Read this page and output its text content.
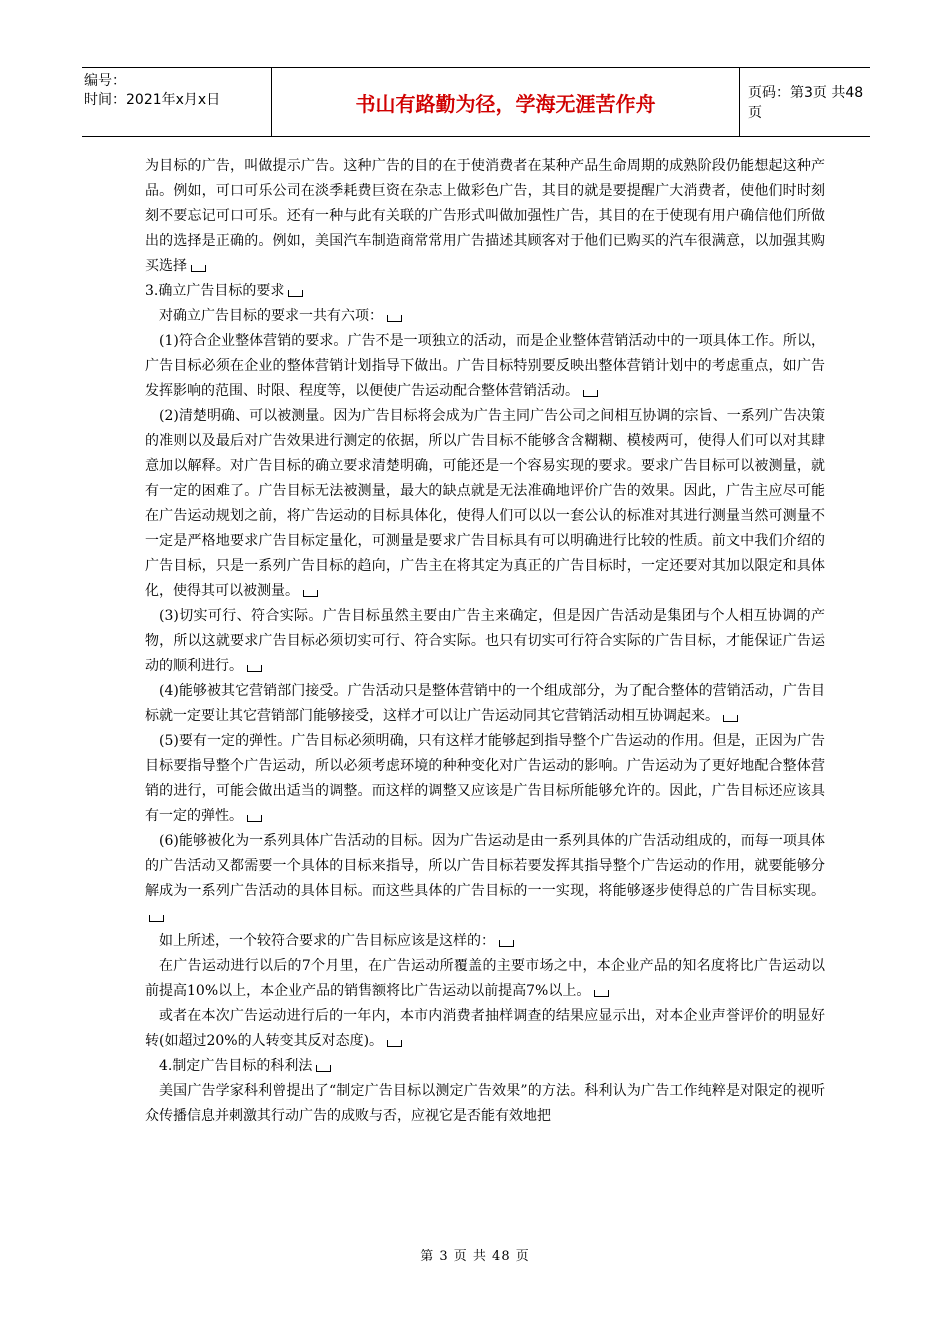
编号：
时间：2021年x月x日	书山有路勤为径，学海无涯苦作舟	页码：第3页 共48页

为目标的广告，叫做提示广告。这种广告的目的在于使消费者在某种产品生命周期的成熟阶段仍能想起这种产品。例如，可口可乐公司在淡季耗费巨资在杂志上做彩色广告，其目的就是要提醒广大消费者，使他们时时刻刻不要忘记可口可乐。还有一种与此有关联的广告形式叫做加强性广告，其目的在于使现有用户确信他们所做出的选择是正确的。例如，美国汽车制造商常常用广告描述其顾客对于他们已购买的汽车很满意，以加强其购买选择

3.确立广告目标的要求

对确立广告目标的要求一共有六项：

(1)符合企业整体营销的要求。广告不是一项独立的活动，而是企业整体营销活动中的一项具体工作。所以，广告目标必须在企业的整体营销计划指导下做出。广告目标特别要反映出整体营销计划中的考虑重点，如广告发挥影响的范围、时限、程度等，以便使广告运动配合整体营销活动。

(2)清楚明确、可以被测量。因为广告目标将会成为广告主同广告公司之间相互协调的宗旨、一系列广告决策的准则以及最后对广告效果进行测定的依据，所以广告目标不能够含含糊糊、模棱两可，使得人们可以对其肆意加以解释。对广告目标的确立要求清楚明确，可能还是一个容易实现的要求。要求广告目标可以被测量，就有一定的困难了。广告目标无法被测量，最大的缺点就是无法准确地评价广告的效果。因此，广告主应尽可能在广告运动规划之前，将广告运动的目标具体化，使得人们可以以一套公认的标准对其进行测量当然可测量不一定是严格地要求广告目标定量化，可测量是要求广告目标具有可以明确进行比较的性质。前文中我们介绍的广告目标，只是一系列广告目标的趋向，广告主在将其定为真正的广告目标时，一定还要对其加以限定和具体化，使得其可以被测量。

(3)切实可行、符合实际。广告目标虽然主要由广告主来确定，但是因广告活动是集团与个人相互协调的产物，所以这就要求广告目标必须切实可行、符合实际。也只有切实可行符合实际的广告目标，才能保证广告运动的顺利进行。

(4)能够被其它营销部门接受。广告活动只是整体营销中的一个组成部分，为了配合整体的营销活动，广告目标就一定要让其它营销部门能够接受，这样才可以让广告运动同其它营销活动相互协调起来。

(5)要有一定的弹性。广告目标必须明确，只有这样才能够起到指导整个广告运动的作用。但是，正因为广告目标要指导整个广告运动，所以必须考虑环境的种种变化对广告运动的影响。广告运动为了更好地配合整体营销的进行，可能会做出适当的调整。而这样的调整又应该是广告目标所能够允许的。因此，广告目标还应该具有一定的弹性。

(6)能够被化为一系列具体广告活动的目标。因为广告运动是由一系列具体的广告活动组成的，而每一项具体的广告活动又都需要一个具体的目标来指导，所以广告目标若要发挥其指导整个广告运动的作用，就要能够分解成为一系列广告活动的具体目标。而这些具体的广告目标的一一实现，将能够逐步使得总的广告目标实现。

如上所述，一个较符合要求的广告目标应该是这样的：

在广告运动进行以后的7个月里，在广告运动所覆盖的主要市场之中，本企业产品的知名度将比广告运动以前提高10%以上，本企业产品的销售额将比广告运动以前提高7%以上。

或者在本次广告运动进行后的一年内，本市内消费者抽样调查的结果应显示出，对本企业声誉评价的明显好转(如超过20%的人转变其反对态度)。

4.制定广告目标的科利法

美国广告学家科利曾提出了“制定广告目标以测定广告效果”的方法。科利认为广告工作纯粹是对限定的视听众传播信息并刺激其行动广告的成败与否，应视它是否能有效地把

第 3 页 共 48 页
